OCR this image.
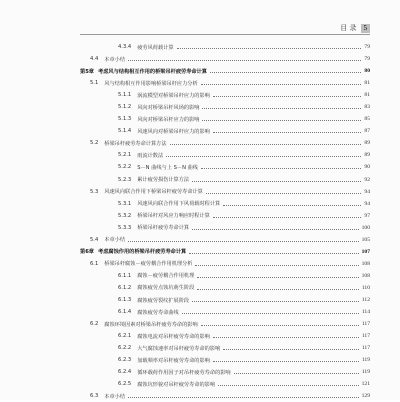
目 录	5
4.3.4 疲劳风荷载计算	79
4.4 本章小结	79
第5章 考虑风与结构相互作用的桥梁吊杆疲劳寿命计算	80
5.1 风与结构相互作用影响桥梁吊杆应力分析	81
5.1.1 涡流模型对桥梁吊杆应力的影响	81
5.1.2 风向对桥梁吊杆风场的影响	83
5.1.3 风向对桥梁吊杆应力的影响	85
5.1.4 风速风向对桥梁吊杆应力的影响	87
5.2 桥梁吊杆疲劳寿命计算方法	89
5.2.1 雨流计数法	89
5.2.2 S－N 曲线与上 S－N 曲线	90
5.2.3 累计疲劳损伤计算方法	92
5.3 风速风向联合作用下桥梁吊杆疲劳寿命计算	94
5.3.1 风速风向联合作用下风荷载时程计算	94
5.3.2 桥梁吊杆对风应力响应时程计算	97
5.3.3 桥梁吊杆疲劳寿命计算	100
5.4 本章小结	105
第6章 考虑腐蚀作用的桥梁吊杆疲劳寿命计算	107
6.1 桥梁吊杆腐蚀－疲劳耦合作用机理分析	108
6.1.1 腐蚀－疲劳耦合作用机理	108
6.1.2 腐蚀疲劳点蚀坑萌生阶段	110
6.1.3 腐蚀疲劳裂纹扩展阶段	112
6.1.4 腐蚀疲劳寿命曲线	114
6.2 腐蚀环境因素对桥梁吊杆疲劳寿命的影响	117
6.2.1 腐蚀电流对吊杆疲劳寿命的影响	117
6.2.2 大气腐蚀速率对吊杆疲劳寿命的影响	117
6.2.3 加载频率对吊杆疲劳寿命的影响	119
6.2.4 循环载荷作用因子对吊杆疲劳寿命的影响	119
6.2.5 腐蚀坑形貌对吊杆疲劳寿命的影响	121
6.3 本章小结	129
